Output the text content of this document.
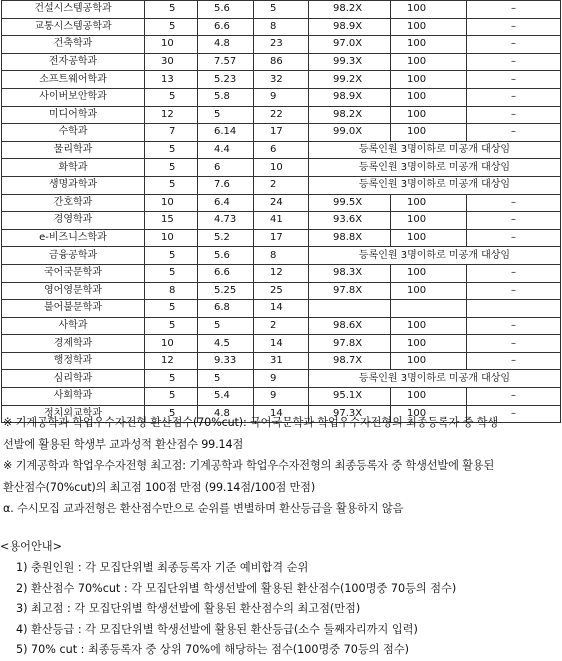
건설시스템공학과	5	5.6	5	98.2X	100	–
교통시스템공학과	5	6.6	8	98.9X	100	–
건축학과	10	4.8	23	97.0X	100	–
전자공학과	30	7.57	86	99.3X	100	–
소프트웨어학과	13	5.23	32	99.2X	100	–
사이버보안학과	5	5.8	9	98.9X	100	–
미디어학과	12	5	22	98.2X	100	–
수학과	7	6.14	17	99.0X	100	–
물리학과	5	4.4	6	등록인원 3명이하로 미공개 대상임		
화학과	5	6	10	등록인원 3명이하로 미공개 대상임		
생명과학과	5	7.6	2	등록인원 3명이하로 미공개 대상임		
간호학과	10	6.4	24	99.5X	100	–
경영학과	15	4.73	41	93.6X	100	–
e-비즈니스학과	10	5.2	17	98.8X	100	–
금융공학과	5	5.6	8	등록인원 3명이하로 미공개 대상임		
국어국문학과	5	6.6	12	98.3X	100	–
영어영문학과	8	5.25	25	97.8X	100	–
불어불문학과	5	6.8	14			
사학과	5	5	2	98.6X	100	–
경제학과	10	4.5	14	97.8X	100	–
행정학과	12	9.33	31	98.7X	100	–
심리학과	5	5	9	등록인원 3명이하로 미공개 대상임		
사회학과	5	5.4	9	95.1X	100	–
정치외교학과	5	4.8	14	97.3X	100	–
※ 기계공학과 학업우수자전형 환산점수(70%cut): 국어국문학과 학업우수자전형의 최종등록자 중 학생
선발에 활용된 학생부 교과성적 환산점수 99.14점
※ 기계공학과 학업우수자전형 최고점: 기계공학과 학업우수자전형의 최종등록자 중 학생선발에 활용된
환산점수(70%cut)의 최고점 100점 만점 (99.14점/100점 만점)
α. 수시모집 교과전형은 환산점수만으로 순위를 변별하며 환산등급을 활용하지 않음
<용어안내>
1) 충원인원 : 각 모집단위별 최종등록자 기준 예비합격 순위
2) 환산점수 70%cut : 각 모집단위별 학생선발에 활용된 환산점수(100명중 70등의 점수)
3) 최고점 : 각 모집단위별 학생선발에 활용된 환산점수의 최고점(만점)
4) 환산등급 : 각 모집단위별 학생선발에 활용된 환산등급(소수 둘째자리까지 입력)
5) 70% cut : 최종등록자 중 상위 70%에 해당하는 점수(100명중 70등의 점수)
